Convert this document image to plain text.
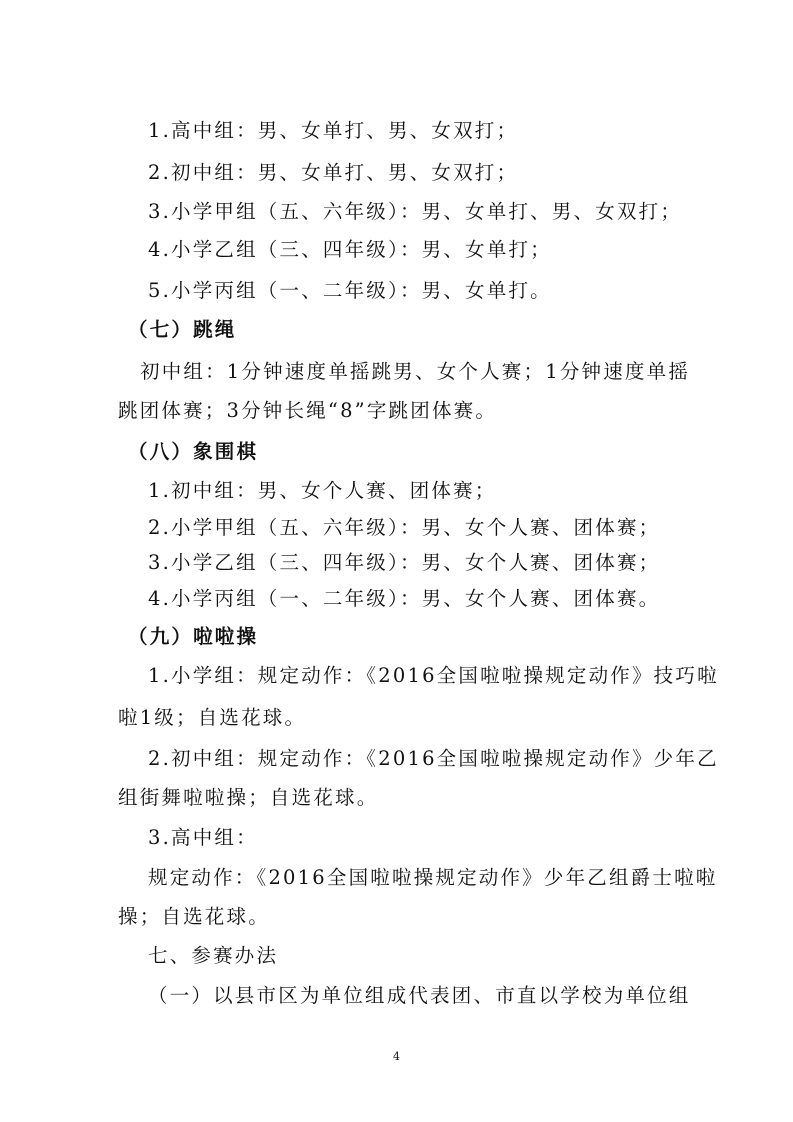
1.高中组：男、女单打、男、女双打；
2.初中组：男、女单打、男、女双打；
3.小学甲组（五、六年级）：男、女单打、男、女双打；
4.小学乙组（三、四年级）：男、女单打；
5.小学丙组（一、二年级）：男、女单打。
（七）跳绳
初中组：1分钟速度单摇跳男、女个人赛；1分钟速度单摇
跳团体赛；3分钟长绳“8”字跳团体赛。
（八）象围棋
1.初中组：男、女个人赛、团体赛；
2.小学甲组（五、六年级）：男、女个人赛、团体赛；
3.小学乙组（三、四年级）：男、女个人赛、团体赛；
4.小学丙组（一、二年级）：男、女个人赛、团体赛。
（九）啦啦操
1.小学组：规定动作：《2016全国啦啦操规定动作》技巧啦
啦1级；自选花球。
2.初中组：规定动作：《2016全国啦啦操规定动作》少年乙
组街舞啦啦操；自选花球。
3.高中组：
规定动作：《2016全国啦啦操规定动作》少年乙组爵士啦啦
操；自选花球。
七、参赛办法
（一）以县市区为单位组成代表团、市直以学校为单位组
4
